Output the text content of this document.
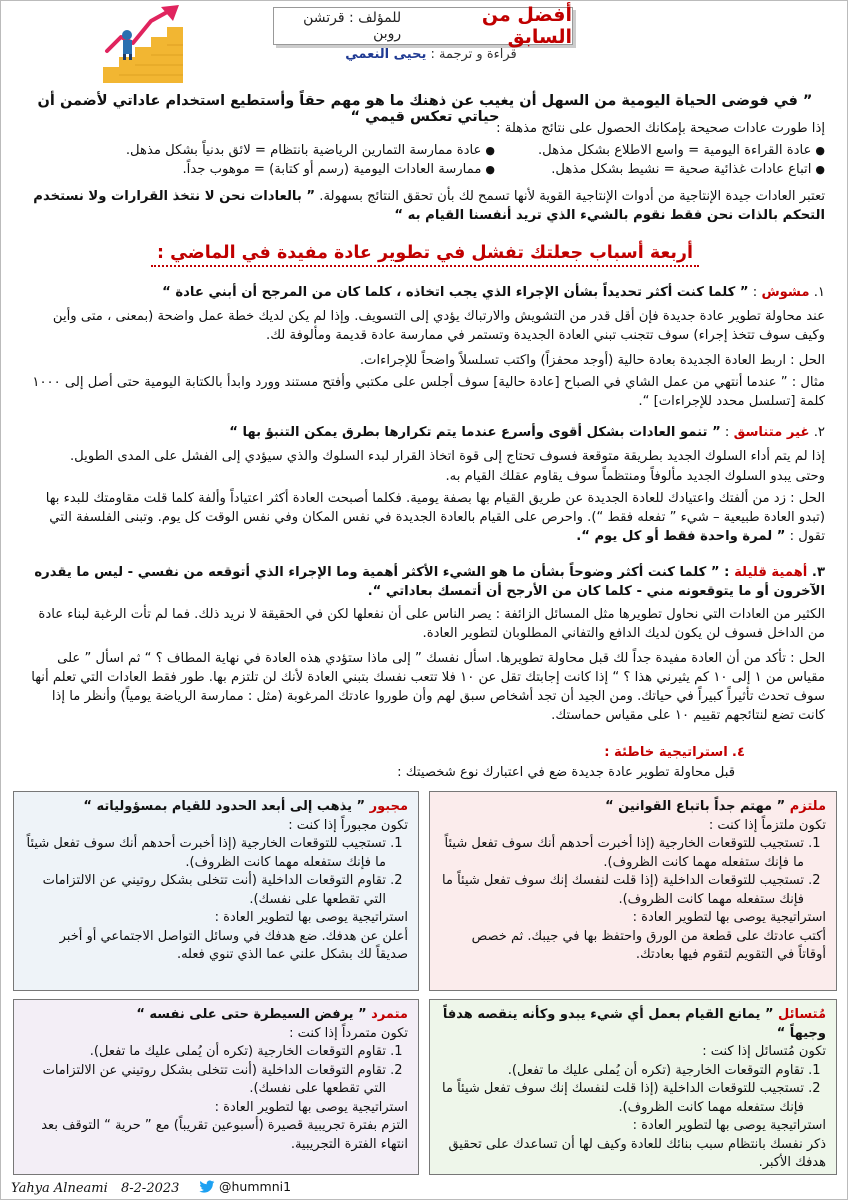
أفضل من السابق
للمؤلف : قرتشن روبن
قراءة و ترجمة : يحيى النعمي
” في فوضى الحياة اليومية من السهل أن يغيب عن ذهنك ما هو مهم حقاً وأستطيع استخدام عاداتي لأضمن أن حياتي تعكس قيمي “
إذا طورت عادات صحيحة بإمكانك الحصول على نتائج مذهلة :
●عادة القراءة اليومية = واسع الاطلاع بشكل مذهل.
●عادة ممارسة التمارين الرياضية بانتظام = لائق بدنياً بشكل مذهل.
●اتباع عادات غذائية صحية = نشيط بشكل مذهل.
●ممارسة العادات اليومية (رسم أو كتابة) = موهوب جداً.
تعتبر العادات جيدة الإنتاجية من أدوات الإنتاجية القوية لأنها تسمح لك بأن تحقق النتائج بسهولة. ” بالعادات نحن لا نتخذ القرارات ولا نستخدم التحكم بالذات نحن فقط نقوم بالشيء الذي تريد أنفسنا القيام به “
أربعة أسباب جعلتك تفشل في تطوير عادة مفيدة في الماضي :
١. مشوش : ” كلما كنت أكثر تحديداً بشأن الإجراء الذي يجب اتخاذه ، كلما كان من المرجح أن أبني عادة “
عند محاولة تطوير عادة جديدة فإن أقل قدر من التشويش والارتباك يؤدي إلى التسويف. وإذا لم يكن لديك خطة عمل واضحة (بمعنى ، متى وأين وكيف سوف تتخذ إجراء) سوف تتجنب تبني العادة الجديدة وتستمر في ممارسة عادة قديمة ومألوفة لك.
الحل : اربط العادة الجديدة بعادة حالية (أوجد محفزاً) واكتب تسلسلاً واضحاً للإجراءات.
مثال : ” عندما أنتهي من عمل الشاي في الصباح [عادة حالية] سوف أجلس على مكتبي وأفتح مستند وورد وابدأ بالكتابة اليومية حتى أصل إلى ١٠٠٠ كلمة [تسلسل محدد للإجراءات] “.
٢. غير متناسق : ” تنمو العادات بشكل أقوى وأسرع عندما يتم تكرارها بطرق يمكن التنبؤ بها “
إذا لم يتم أداء السلوك الجديد بطريقة متوقعة فسوف تحتاج إلى قوة اتخاذ القرار لبدء السلوك والذي سيؤدي إلى الفشل على المدى الطويل.
وحتى يبدو السلوك الجديد مألوفاً ومنتظماً سوف يقاوم عقلك القيام به.
الحل : زد من ألفتك واعتيادك للعادة الجديدة عن طريق القيام بها بصفة يومية. فكلما أصبحت العادة أكثر اعتياداً وألفة كلما قلت مقاومتك للبدء بها (تبدو العادة طبيعية – شيء ” تفعله فقط “). واحرص على القيام بالعادة الجديدة في نفس المكان وفي نفس الوقت كل يوم. وتبنى الفلسفة التي تقول : ” لمرة واحدة فقط أو كل يوم “.
٣. أهمية قليلة : ” كلما كنت أكثر وضوحاً بشأن ما هو الشيء الأكثر أهمية وما الإجراء الذي أتوقعه من نفسي - ليس ما يقدره الآخرون أو ما يتوقعونه مني - كلما كان من الأرجح أن أتمسك بعاداتي “.
الكثير من العادات التي نحاول تطويرها مثل المسائل الزائفة : يصر الناس على أن نفعلها لكن في الحقيقة لا نريد ذلك. فما لم تأت الرغبة لبناء عادة من الداخل فسوف لن يكون لديك الدافع والتفاني المطلوبان لتطوير العادة.
الحل : تأكد من أن العادة مفيدة جداً لك قبل محاولة تطويرها. اسأل نفسك ” إلى ماذا ستؤدي هذه العادة في نهاية المطاف ؟ “ ثم اسأل ” على مقياس من ١ إلى ١٠ كم يثيرني هذا ؟ “ إذا كانت إجابتك تقل عن ١٠ فلا تتعب نفسك بتبني العادة لأنك لن تلتزم بها. طور فقط العادات التي تعلم أنها سوف تحدث تأثيراً كبيراً في حياتك. ومن الجيد أن تجد أشخاص سبق لهم وأن طوروا عادتك المرغوبة (مثل : ممارسة الرياضة يومياً) وأنظر ما إذا كانت تضع لنتائجهم تقييم ١٠ على مقياس حماستك.
٤. استراتيجية خاطئة :
قبل محاولة تطوير عادة جديدة ضع في اعتبارك نوع شخصيتك :
ملتزم ” مهتم جداً باتباع القوانين “
تكون ملتزماً إذا كنت :
1. تستجيب للتوقعات الخارجية (إذا أخبرت أحدهم أنك سوف تفعل شيئاً ما فإنك ستفعله مهما كانت الظروف).
2. تستجيب للتوقعات الداخلية (إذا قلت لنفسك إنك سوف تفعل شيئاً ما فإنك ستفعله مهما كانت الظروف).
استراتيجية يوصى بها لتطوير العادة :
أكتب عادتك على قطعة من الورق واحتفظ بها في جيبك. ثم خصص أوقاتاً في التقويم لتقوم فيها بعادتك.
مجبور ” يذهب إلى أبعد الحدود للقيام بمسؤولياته “
تكون مجبوراً إذا كنت :
1. تستجيب للتوقعات الخارجية (إذا أخبرت أحدهم أنك سوف تفعل شيئاً ما فإنك ستفعله مهما كانت الظروف).
2. تقاوم التوقعات الداخلية (أنت تتخلى بشكل روتيني عن الالتزامات التي تقطعها على نفسك).
استراتيجية يوصى بها لتطوير العادة :
أعلن عن هدفك. ضع هدفك في وسائل التواصل الاجتماعي أو أخبر صديقاً لك بشكل علني عما الذي تنوي فعله.
مُتسائل ” يمانع القيام بعمل أي شيء يبدو وكأنه ينقصه هدفاً وجيهاً “
تكون مُتسائل إذا كنت :
1. تقاوم التوقعات الخارجية (تكره أن يُملى عليك ما تفعل).
2. تستجيب للتوقعات الداخلية (إذا قلت لنفسك إنك سوف تفعل شيئاً ما فإنك ستفعله مهما كانت الظروف).
استراتيجية يوصى بها لتطوير العادة :
ذكر نفسك بانتظام سبب بنائك للعادة وكيف لها أن تساعدك على تحقيق هدفك الأكبر.
متمرد ” يرفض السيطرة حتى على نفسه “
تكون متمرداً إذا كنت :
1. تقاوم التوقعات الخارجية (تكره أن يُملى عليك ما تفعل).
2. تقاوم التوقعات الداخلية (أنت تتخلى بشكل روتيني عن الالتزامات التي تقطعها على نفسك).
استراتيجية يوصى بها لتطوير العادة :
التزم بفترة تجريبية قصيرة (أسبوعين تقريباً) مع ” حرية “ التوقف بعد انتهاء الفترة التجريبية.
Yahya Alneami 8-2-2023	@hummni1
